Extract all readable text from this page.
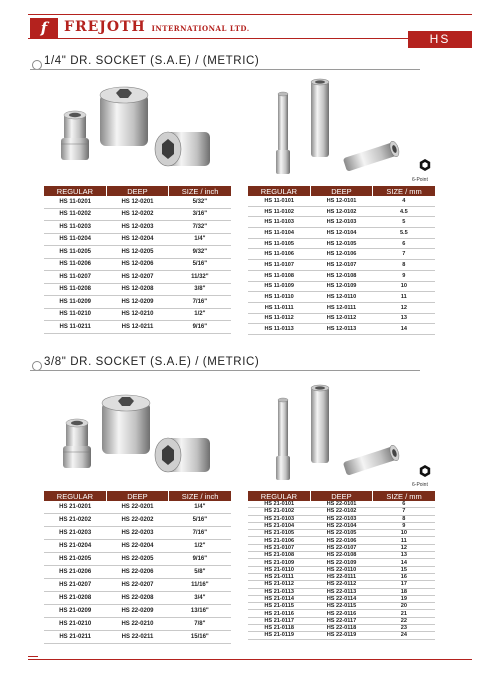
f	FREJOTH INTERNATIONAL LTD.
HS
1/4" DR. SOCKET (S.A.E) / (METRIC)
6-Point
REGULAR	DEEP	SIZE / inch
HS 11-0201	HS 12-0201	5/32"
HS 11-0202	HS 12-0202	3/16"
HS 11-0203	HS 12-0203	7/32"
HS 11-0204	HS 12-0204	1/4"
HS 11-0205	HS 12-0205	9/32"
HS 11-0206	HS 12-0206	5/16"
HS 11-0207	HS 12-0207	11/32"
HS 11-0208	HS 12-0208	3/8"
HS 11-0209	HS 12-0209	7/16"
HS 11-0210	HS 12-0210	1/2"
HS 11-0211	HS 12-0211	9/16"
REGULAR	DEEP	SIZE / mm
HS 11-0101	HS 12-0101	4
HS 11-0102	HS 12-0102	4.5
HS 11-0103	HS 12-0103	5
HS 11-0104	HS 12-0104	5.5
HS 11-0105	HS 12-0105	6
HS 11-0106	HS 12-0106	7
HS 11-0107	HS 12-0107	8
HS 11-0108	HS 12-0108	9
HS 11-0109	HS 12-0109	10
HS 11-0110	HS 12-0110	11
HS 11-0111	HS 12-0111	12
HS 11-0112	HS 12-0112	13
HS 11-0113	HS 12-0113	14
3/8" DR. SOCKET (S.A.E) / (METRIC)
6-Point
REGULAR	DEEP	SIZE / inch
HS 21-0201	HS 22-0201	1/4"
HS 21-0202	HS 22-0202	5/16"
HS 21-0203	HS 22-0203	7/16"
HS 21-0204	HS 22-0204	1/2"
HS 21-0205	HS 22-0205	9/16"
HS 21-0206	HS 22-0206	5/8"
HS 21-0207	HS 22-0207	11/16"
HS 21-0208	HS 22-0208	3/4"
HS 21-0209	HS 22-0209	13/16"
HS 21-0210	HS 22-0210	7/8"
HS 21-0211	HS 22-0211	15/16"
REGULAR	DEEP	SIZE / mm
HS 21-0101	HS 22-0101	6
HS 21-0102	HS 22-0102	7
HS 21-0103	HS 22-0103	8
HS 21-0104	HS 22-0104	9
HS 21-0105	HS 22-0105	10
HS 21-0106	HS 22-0106	11
HS 21-0107	HS 22-0107	12
HS 21-0108	HS 22-0108	13
HS 21-0109	HS 22-0109	14
HS 21-0110	HS 22-0110	15
HS 21-0111	HS 22-0111	16
HS 21-0112	HS 22-0112	17
HS 21-0113	HS 22-0113	18
HS 21-0114	HS 22-0114	19
HS 21-0115	HS 22-0115	20
HS 21-0116	HS 22-0116	21
HS 21-0117	HS 22-0117	22
HS 21-0118	HS 22-0118	23
HS 21-0119	HS 22-0119	24
